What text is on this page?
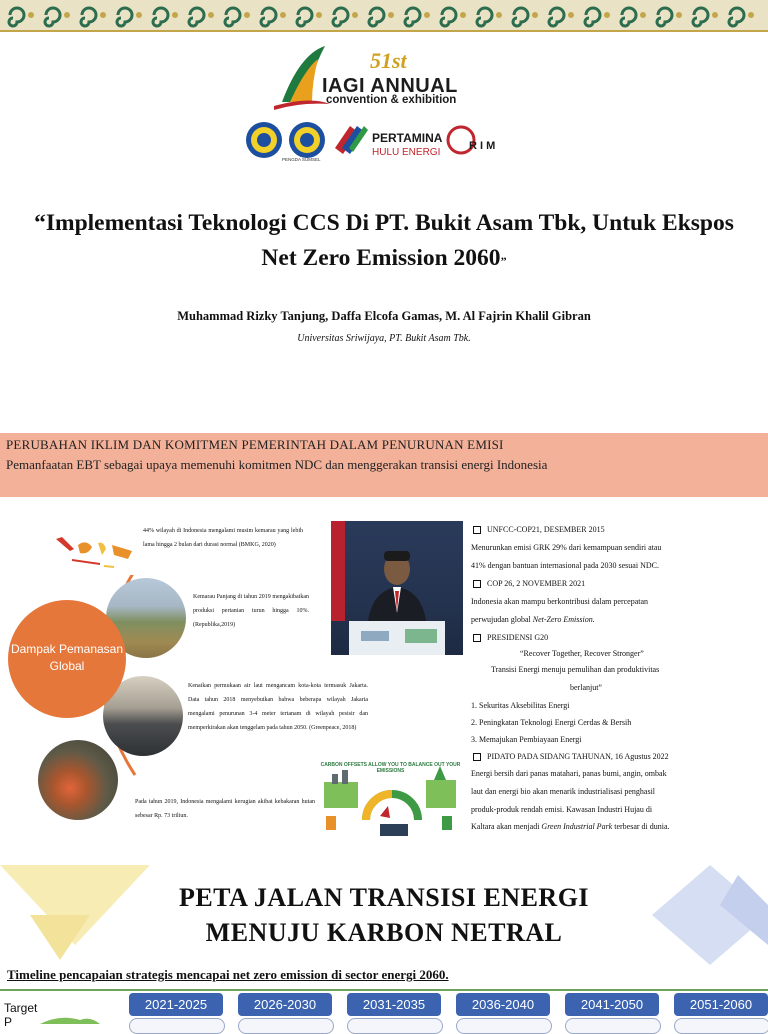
51st
IAGI ANNUAL
convention & exhibition
PENGDA SUMSEL
PERTAMINA
HULU ENERGI
R I M
“Implementasi Teknologi CCS Di PT. Bukit Asam Tbk, Untuk Ekspos
Net Zero Emission 2060”
Muhammad Rizky Tanjung, Daffa Elcofa Gamas, M. Al Fajrin Khalil Gibran
Universitas Sriwijaya, PT. Bukit Asam Tbk.
PERUBAHAN IKLIM DAN KOMITMEN PEMERINTAH DALAM PENURUNAN EMISI
Pemanfaatan EBT sebagai upaya memenuhi komitmen NDC dan menggerakan transisi energi Indonesia
Dampak Pemanasan Global
44% wilayah di Indonesia mengalami musim kemarau yang lebih lama hingga 2 bulan dari durasi normal (BMKG, 2020)
Kemarau Panjang di tahun 2019 mengakibatkan produksi pertanian turun hingga 10%. (Republika,2019)
Kenaikan permukaan air laut mengancam kota-kota termasuk Jakarta. Data tahun 2018 menyebutkan bahwa beberapa wilayah Jakarta mengalami penurunan 3-4 meter tertanam di wilayah pesisir dan memperkirakan akan tenggelam pada tahun 2050. (Greenpeace, 2018)
Pada tahun 2019, Indonesia mengalami kerugian akibat kebakaran hutan sebesar Rp. 73 triliun.
CARBON OFFSETS ALLOW YOU TO BALANCE OUT YOUR EMISSIONS
UNFCC-COP21, DESEMBER 2015
Menurunkan emisi GRK 29% dari kemampuan sendiri atau
41% dengan bantuan internasional pada 2030 sesuai NDC.
COP 26, 2 NOVEMBER 2021
Indonesia akan mampu berkontribusi dalam percepatan
perwujudan global Net-Zero Emission.
PRESIDENSI G20
“Recover Together, Recover Stronger”
Transisi Energi menuju pemulihan dan produktivitas
berlanjut”
1. Sekuritas Aksebilitas Energi
2. Peningkatan Teknologi Energi Cerdas & Bersih
3. Memajukan Pembiayaan Energi
PIDATO PADA SIDANG TAHUNAN, 16 Agustus 2022
Energi bersih dari panas matahari, panas bumi, angin, ombak
laut dan energi bio akan menarik industrialisasi penghasil
produk-produk rendah emisi. Kawasan Industri Hujau di
Kaltara akan menjadi Green Industrial Park terbesar di dunia.
PETA JALAN TRANSISI ENERGI
MENUJU KARBON NETRAL
Timeline pencapaian strategis mencapai net zero emission di sector energi 2060.
Target
P
2021-2025	2026-2030	2031-2035	2036-2040	2041-2050	2051-2060
